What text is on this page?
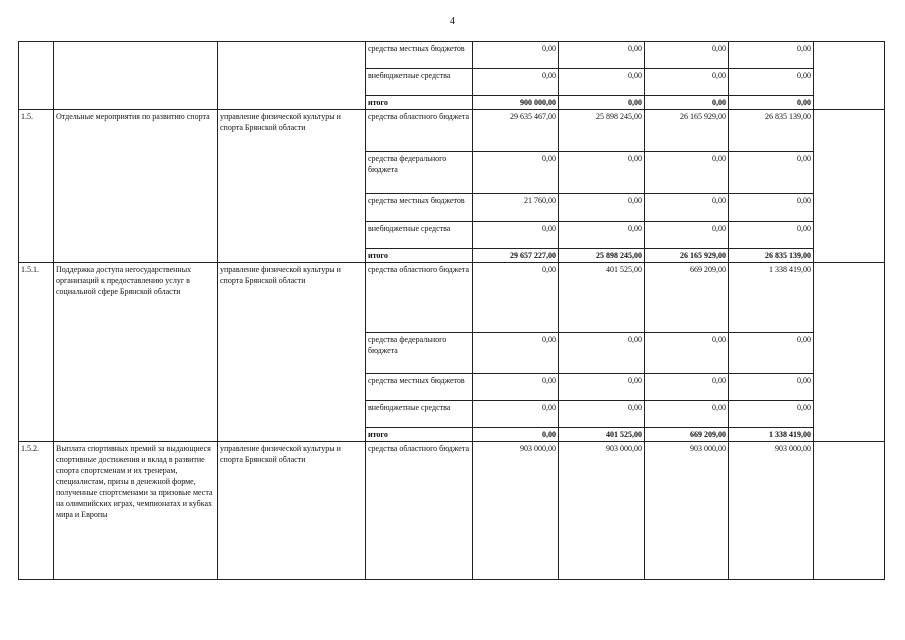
4
			средства местных бюджетов	0,00	0,00	0,00	0,00	
			внебюджетные средства	0,00	0,00	0,00	0,00	
			итого	900 000,00	0,00	0,00	0,00	
1.5.	Отдельные мероприятия по развитию спорта	управление физической культуры и спорта Брянской области	средства областного бюджета	29 635 467,00	25 898 245,00	26 165 929,00	26 835 139,00	
			средства федерального бюджета	0,00	0,00	0,00	0,00	
			средства местных бюджетов	21 760,00	0,00	0,00	0,00	
			внебюджетные средства	0,00	0,00	0,00	0,00	
			итого	29 657 227,00	25 898 245,00	26 165 929,00	26 835 139,00	
1.5.1.	Поддержка доступа негосударственных организаций к предоставлению услуг в социальной сфере Брянской области	управление физической культуры и спорта Брянской области	средства областного бюджета	0,00	401 525,00	669 209,00	1 338 419,00	
			средства федерального бюджета	0,00	0,00	0,00	0,00	
			средства местных бюджетов	0,00	0,00	0,00	0,00	
			внебюджетные средства	0,00	0,00	0,00	0,00	
			итого	0,00	401 525,00	669 209,00	1 338 419,00	
1.5.2.	Выплата спортивных премий за выдающиеся спортивные достижения и вклад в развитие спорта спортсменам и их тренерам, специалистам, призы в денежной форме, полученные спортсменами за призовые места на олимпийских играх, чемпионатах и кубках мира и Европы	управление физической культуры и спорта Брянской области	средства областного бюджета	903 000,00	903 000,00	903 000,00	903 000,00	
